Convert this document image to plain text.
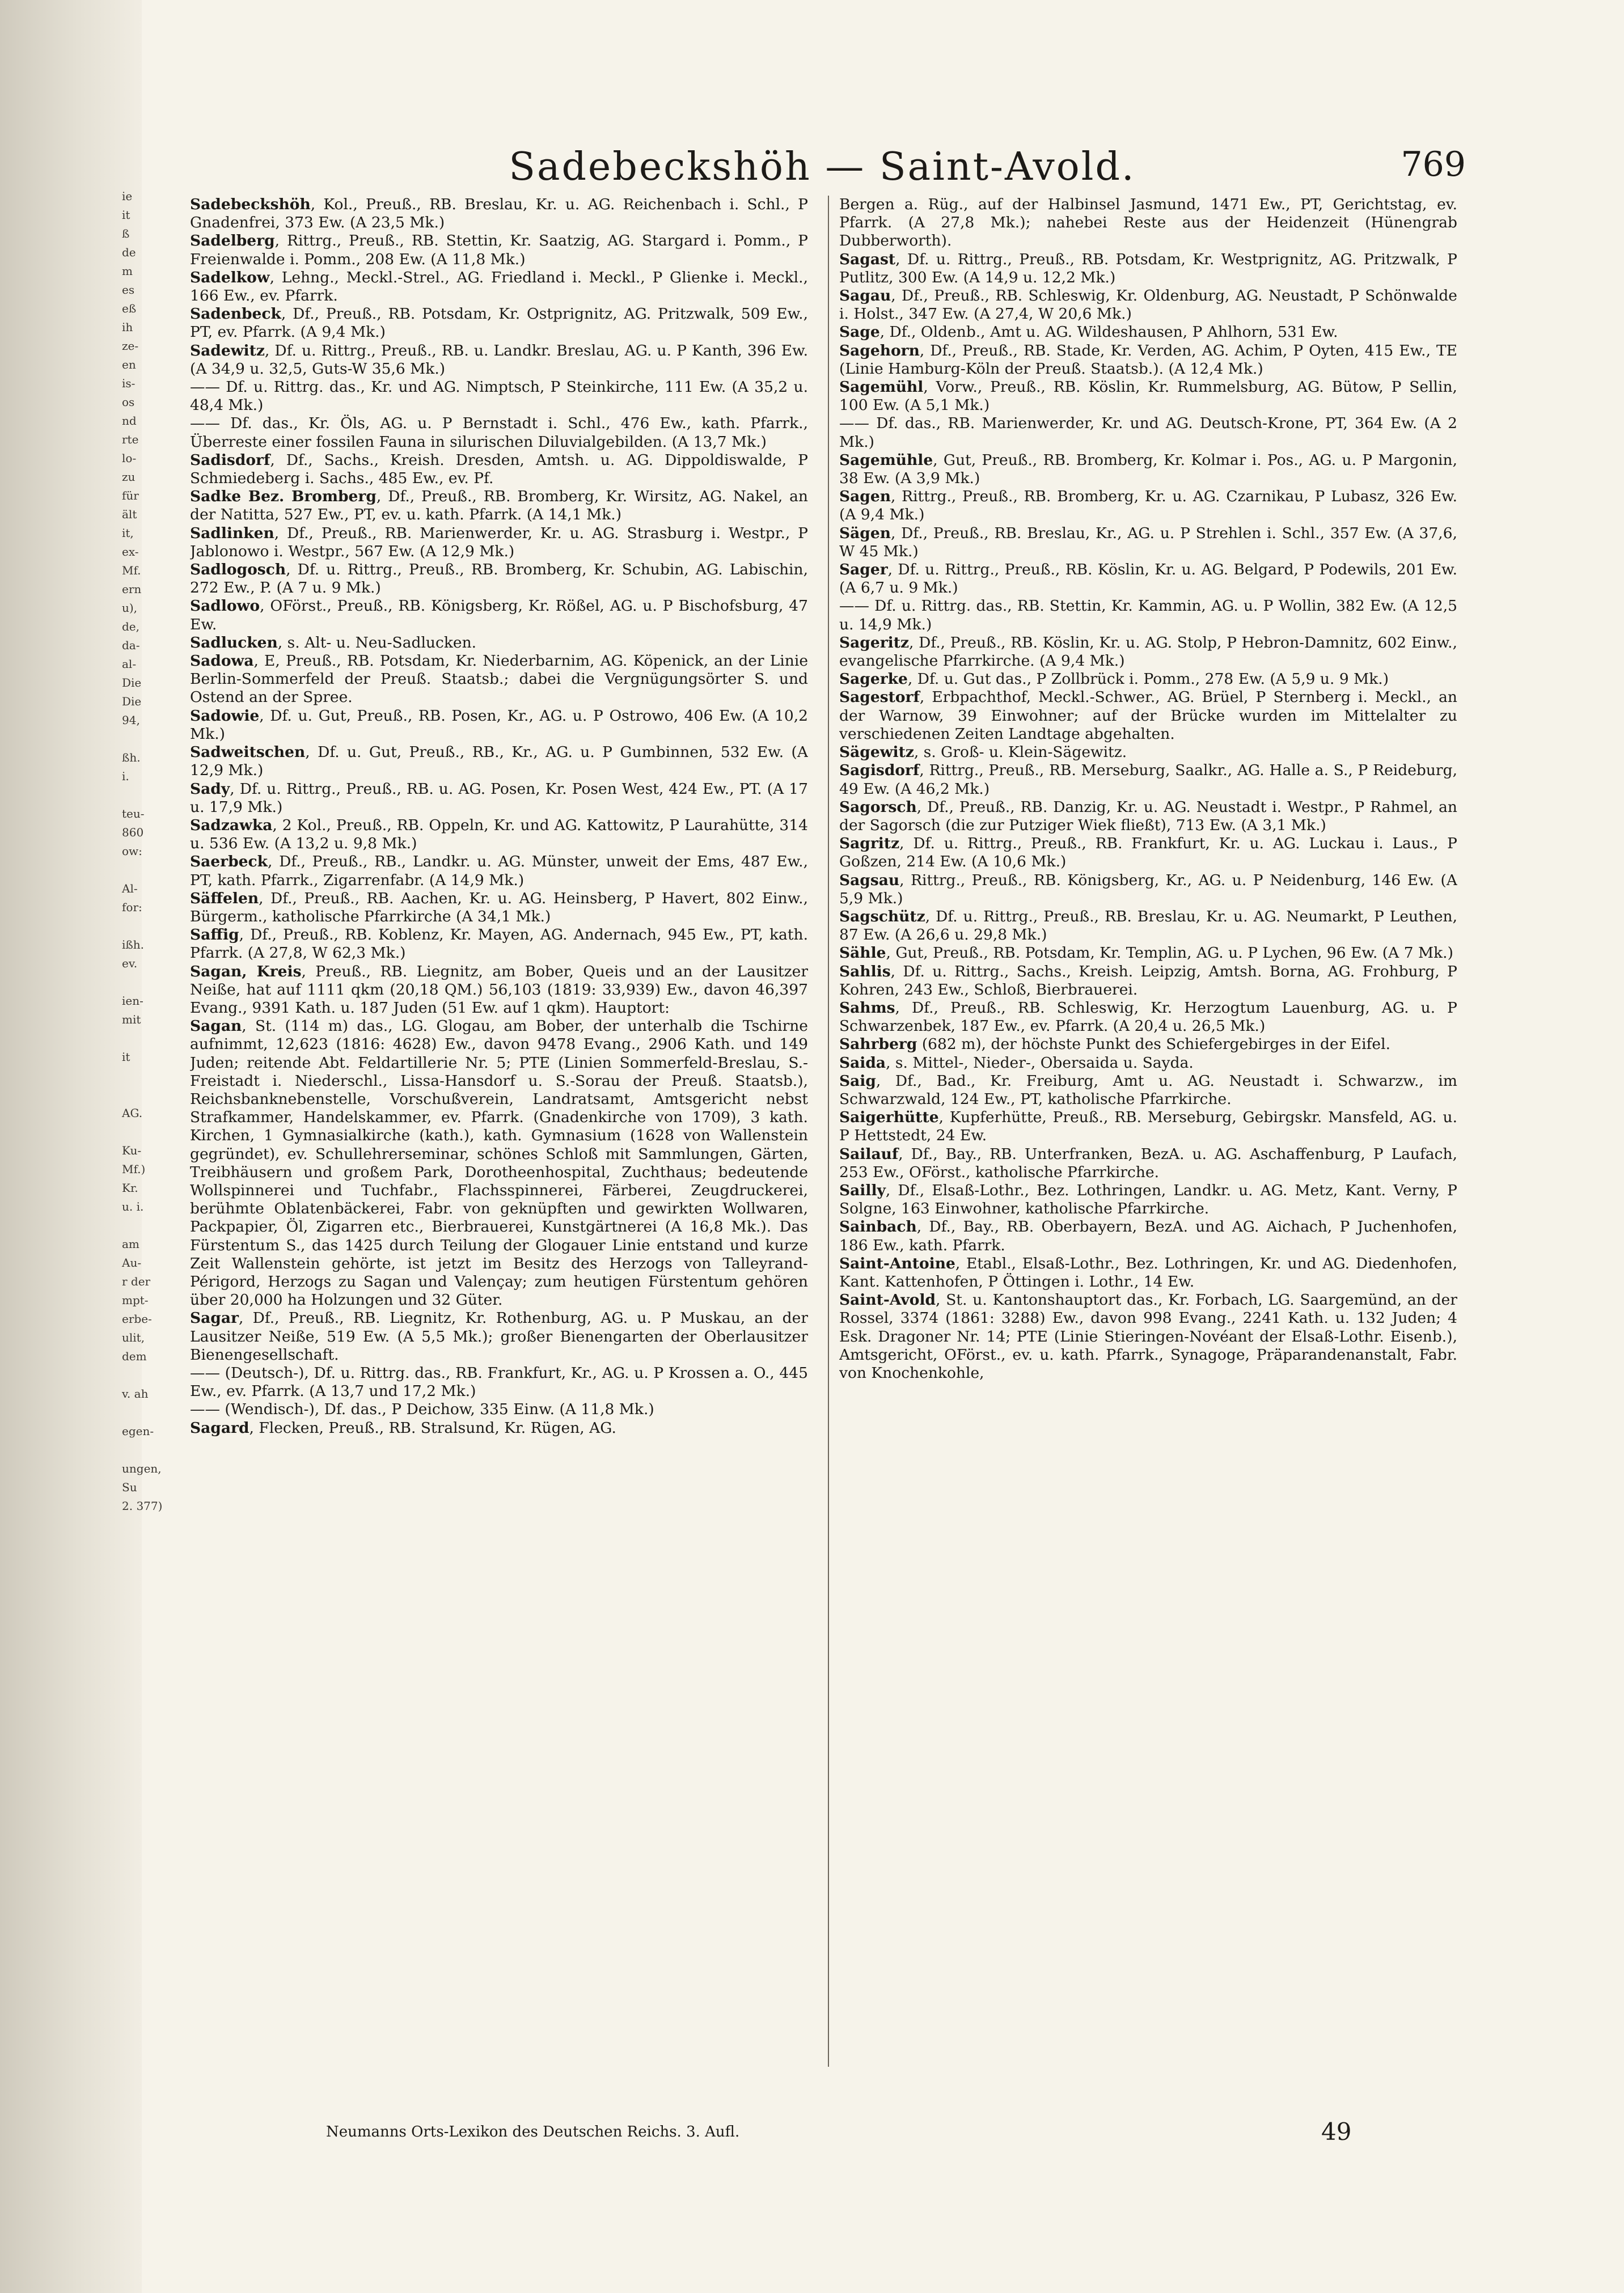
ie
it
ß
de
m
es
eß
ih
ze-
en
is-
os
nd
rte
lo-
zu
für
ält
it,
ex-
Mf.
ern
u),
de,
da-
al-
Die
Die
94,

ßh.
i.

teu-
860
ow:

Al-
for:

ißh.
ev.

ien-
mit

it

AG.

Ku-
Mf.)
Kr.
u. i.

am
Au-
r der
mpt-
erbe-
ulit,
dem

v. ah

egen-

ungen,
Su
2. 377)
Sadebeckshöh — Saint-Avold.	769

Sadebeckshöh, Kol., Preuß., RB. Breslau, Kr. u. AG. Reichenbach i. Schl., P Gnadenfrei, 373 Ew. (A 23,5 Mk.)

Sadelberg, Rittrg., Preuß., RB. Stettin, Kr. Saatzig, AG. Stargard i. Pomm., P Freienwalde i. Pomm., 208 Ew. (A 11,8 Mk.)

Sadelkow, Lehng., Meckl.-Strel., AG. Friedland i. Meckl., P Glienke i. Meckl., 166 Ew., ev. Pfarrk.

Sadenbeck, Df., Preuß., RB. Potsdam, Kr. Ostprignitz, AG. Pritzwalk, 509 Ew., PT, ev. Pfarrk. (A 9,4 Mk.)

Sadewitz, Df. u. Rittrg., Preuß., RB. u. Landkr. Breslau, AG. u. P Kanth, 396 Ew. (A 34,9 u. 32,5, Guts-W 35,6 Mk.)

—— Df. u. Rittrg. das., Kr. und AG. Nimptsch, P Steinkirche, 111 Ew. (A 35,2 u. 48,4 Mk.)

—— Df. das., Kr. Öls, AG. u. P Bernstadt i. Schl., 476 Ew., kath. Pfarrk., Überreste einer fossilen Fauna in silurischen Diluvialgebilden. (A 13,7 Mk.)

Sadisdorf, Df., Sachs., Kreish. Dresden, Amtsh. u. AG. Dippoldiswalde, P Schmiedeberg i. Sachs., 485 Ew., ev. Pf.

Sadke Bez. Bromberg, Df., Preuß., RB. Bromberg, Kr. Wirsitz, AG. Nakel, an der Natitta, 527 Ew., PT, ev. u. kath. Pfarrk. (A 14,1 Mk.)

Sadlinken, Df., Preuß., RB. Marienwerder, Kr. u. AG. Strasburg i. Westpr., P Jablonowo i. Westpr., 567 Ew. (A 12,9 Mk.)

Sadlogosch, Df. u. Rittrg., Preuß., RB. Bromberg, Kr. Schubin, AG. Labischin, 272 Ew., P. (A 7 u. 9 Mk.)

Sadlowo, OFörst., Preuß., RB. Königsberg, Kr. Rößel, AG. u. P Bischofsburg, 47 Ew.

Sadlucken, s. Alt- u. Neu-Sadlucken.

Sadowa, E, Preuß., RB. Potsdam, Kr. Niederbarnim, AG. Köpenick, an der Linie Berlin-Sommerfeld der Preuß. Staatsb.; dabei die Vergnügungsörter S. und Ostend an der Spree.

Sadowie, Df. u. Gut, Preuß., RB. Posen, Kr., AG. u. P Ostrowo, 406 Ew. (A 10,2 Mk.)

Sadweitschen, Df. u. Gut, Preuß., RB., Kr., AG. u. P Gumbinnen, 532 Ew. (A 12,9 Mk.)

Sady, Df. u. Rittrg., Preuß., RB. u. AG. Posen, Kr. Posen West, 424 Ew., PT. (A 17 u. 17,9 Mk.)

Sadzawka, 2 Kol., Preuß., RB. Oppeln, Kr. und AG. Kattowitz, P Laurahütte, 314 u. 536 Ew. (A 13,2 u. 9,8 Mk.)

Saerbeck, Df., Preuß., RB., Landkr. u. AG. Münster, unweit der Ems, 487 Ew., PT, kath. Pfarrk., Zigarrenfabr. (A 14,9 Mk.)

Säffelen, Df., Preuß., RB. Aachen, Kr. u. AG. Heinsberg, P Havert, 802 Einw., Bürgerm., katholische Pfarrkirche (A 34,1 Mk.)

Saffig, Df., Preuß., RB. Koblenz, Kr. Mayen, AG. Andernach, 945 Ew., PT, kath. Pfarrk. (A 27,8, W 62,3 Mk.)

Sagan, Kreis, Preuß., RB. Liegnitz, am Bober, Queis und an der Lausitzer Neiße, hat auf 1111 qkm (20,18 QM.) 56,103 (1819: 33,939) Ew., davon 46,397 Evang., 9391 Kath. u. 187 Juden (51 Ew. auf 1 qkm). Hauptort:

Sagan, St. (114 m) das., LG. Glogau, am Bober, der unterhalb die Tschirne aufnimmt, 12,623 (1816: 4628) Ew., davon 9478 Evang., 2906 Kath. und 149 Juden; reitende Abt. Feldartillerie Nr. 5; PTE (Linien Sommerfeld-Breslau, S.-Freistadt i. Niederschl., Lissa-Hansdorf u. S.-Sorau der Preuß. Staatsb.), Reichsbanknebenstelle, Vorschußverein, Landratsamt, Amtsgericht nebst Strafkammer, Handelskammer, ev. Pfarrk. (Gnadenkirche von 1709), 3 kath. Kirchen, 1 Gymnasialkirche (kath.), kath. Gymnasium (1628 von Wallenstein gegründet), ev. Schullehrerseminar, schönes Schloß mit Sammlungen, Gärten, Treibhäusern und großem Park, Dorotheenhospital, Zuchthaus; bedeutende Wollspinnerei und Tuchfabr., Flachsspinnerei, Färberei, Zeugdruckerei, berühmte Oblatenbäckerei, Fabr. von geknüpften und gewirkten Wollwaren, Packpapier, Öl, Zigarren etc., Bierbrauerei, Kunstgärtnerei (A 16,8 Mk.). Das Fürstentum S., das 1425 durch Teilung der Glogauer Linie entstand und kurze Zeit Wallenstein gehörte, ist jetzt im Besitz des Herzogs von Talleyrand-Périgord, Herzogs zu Sagan und Valençay; zum heutigen Fürstentum gehören über 20,000 ha Holzungen und 32 Güter.

Sagar, Df., Preuß., RB. Liegnitz, Kr. Rothenburg, AG. u. P Muskau, an der Lausitzer Neiße, 519 Ew. (A 5,5 Mk.); großer Bienengarten der Oberlausitzer Bienengesellschaft.

—— (Deutsch-), Df. u. Rittrg. das., RB. Frankfurt, Kr., AG. u. P Krossen a. O., 445 Ew., ev. Pfarrk. (A 13,7 und 17,2 Mk.)

—— (Wendisch-), Df. das., P Deichow, 335 Einw. (A 11,8 Mk.)

Sagard, Flecken, Preuß., RB. Stralsund, Kr. Rügen, AG.

Bergen a. Rüg., auf der Halbinsel Jasmund, 1471 Ew., PT, Gerichtstag, ev. Pfarrk. (A 27,8 Mk.); nahebei Reste aus der Heidenzeit (Hünengrab Dubberworth).

Sagast, Df. u. Rittrg., Preuß., RB. Potsdam, Kr. Westprignitz, AG. Pritzwalk, P Putlitz, 300 Ew. (A 14,9 u. 12,2 Mk.)

Sagau, Df., Preuß., RB. Schleswig, Kr. Oldenburg, AG. Neustadt, P Schönwalde i. Holst., 347 Ew. (A 27,4, W 20,6 Mk.)

Sage, Df., Oldenb., Amt u. AG. Wildeshausen, P Ahlhorn, 531 Ew.

Sagehorn, Df., Preuß., RB. Stade, Kr. Verden, AG. Achim, P Oyten, 415 Ew., TE (Linie Hamburg-Köln der Preuß. Staatsb.). (A 12,4 Mk.)

Sagemühl, Vorw., Preuß., RB. Köslin, Kr. Rummelsburg, AG. Bütow, P Sellin, 100 Ew. (A 5,1 Mk.)

—— Df. das., RB. Marienwerder, Kr. und AG. Deutsch-Krone, PT, 364 Ew. (A 2 Mk.)

Sagemühle, Gut, Preuß., RB. Bromberg, Kr. Kolmar i. Pos., AG. u. P Margonin, 38 Ew. (A 3,9 Mk.)

Sagen, Rittrg., Preuß., RB. Bromberg, Kr. u. AG. Czarnikau, P Lubasz, 326 Ew. (A 9,4 Mk.)

Sägen, Df., Preuß., RB. Breslau, Kr., AG. u. P Strehlen i. Schl., 357 Ew. (A 37,6, W 45 Mk.)

Sager, Df. u. Rittrg., Preuß., RB. Köslin, Kr. u. AG. Belgard, P Podewils, 201 Ew. (A 6,7 u. 9 Mk.)

—— Df. u. Rittrg. das., RB. Stettin, Kr. Kammin, AG. u. P Wollin, 382 Ew. (A 12,5 u. 14,9 Mk.)

Sageritz, Df., Preuß., RB. Köslin, Kr. u. AG. Stolp, P Hebron-Damnitz, 602 Einw., evangelische Pfarrkirche. (A 9,4 Mk.)

Sagerke, Df. u. Gut das., P Zollbrück i. Pomm., 278 Ew. (A 5,9 u. 9 Mk.)

Sagestorf, Erbpachthof, Meckl.-Schwer., AG. Brüel, P Sternberg i. Meckl., an der Warnow, 39 Einwohner; auf der Brücke wurden im Mittelalter zu verschiedenen Zeiten Landtage abgehalten.

Sägewitz, s. Groß- u. Klein-Sägewitz.

Sagisdorf, Rittrg., Preuß., RB. Merseburg, Saalkr., AG. Halle a. S., P Reideburg, 49 Ew. (A 46,2 Mk.)

Sagorsch, Df., Preuß., RB. Danzig, Kr. u. AG. Neustadt i. Westpr., P Rahmel, an der Sagorsch (die zur Putziger Wiek fließt), 713 Ew. (A 3,1 Mk.)

Sagritz, Df. u. Rittrg., Preuß., RB. Frankfurt, Kr. u. AG. Luckau i. Laus., P Goßzen, 214 Ew. (A 10,6 Mk.)

Sagsau, Rittrg., Preuß., RB. Königsberg, Kr., AG. u. P Neidenburg, 146 Ew. (A 5,9 Mk.)

Sagschütz, Df. u. Rittrg., Preuß., RB. Breslau, Kr. u. AG. Neumarkt, P Leuthen, 87 Ew. (A 26,6 u. 29,8 Mk.)

Sähle, Gut, Preuß., RB. Potsdam, Kr. Templin, AG. u. P Lychen, 96 Ew. (A 7 Mk.)

Sahlis, Df. u. Rittrg., Sachs., Kreish. Leipzig, Amtsh. Borna, AG. Frohburg, P Kohren, 243 Ew., Schloß, Bierbrauerei.

Sahms, Df., Preuß., RB. Schleswig, Kr. Herzogtum Lauenburg, AG. u. P Schwarzenbek, 187 Ew., ev. Pfarrk. (A 20,4 u. 26,5 Mk.)

Sahrberg (682 m), der höchste Punkt des Schiefergebirges in der Eifel.

Saida, s. Mittel-, Nieder-, Obersaida u. Sayda.

Saig, Df., Bad., Kr. Freiburg, Amt u. AG. Neustadt i. Schwarzw., im Schwarzwald, 124 Ew., PT, katholische Pfarrkirche.

Saigerhütte, Kupferhütte, Preuß., RB. Merseburg, Gebirgskr. Mansfeld, AG. u. P Hettstedt, 24 Ew.

Sailauf, Df., Bay., RB. Unterfranken, BezA. u. AG. Aschaffenburg, P Laufach, 253 Ew., OFörst., katholische Pfarrkirche.

Sailly, Df., Elsaß-Lothr., Bez. Lothringen, Landkr. u. AG. Metz, Kant. Verny, P Solgne, 163 Einwohner, katholische Pfarrkirche.

Sainbach, Df., Bay., RB. Oberbayern, BezA. und AG. Aichach, P Juchenhofen, 186 Ew., kath. Pfarrk.

Saint-Antoine, Etabl., Elsaß-Lothr., Bez. Lothringen, Kr. und AG. Diedenhofen, Kant. Kattenhofen, P Öttingen i. Lothr., 14 Ew.

Saint-Avold, St. u. Kantonshauptort das., Kr. Forbach, LG. Saargemünd, an der Rossel, 3374 (1861: 3288) Ew., davon 998 Evang., 2241 Kath. u. 132 Juden; 4 Esk. Dragoner Nr. 14; PTE (Linie Stieringen-Novéant der Elsaß-Lothr. Eisenb.), Amtsgericht, OFörst., ev. u. kath. Pfarrk., Synagoge, Präparandenanstalt, Fabr. von Knochenkohle,

Neumanns Orts-Lexikon des Deutschen Reichs. 3. Aufl.	49
